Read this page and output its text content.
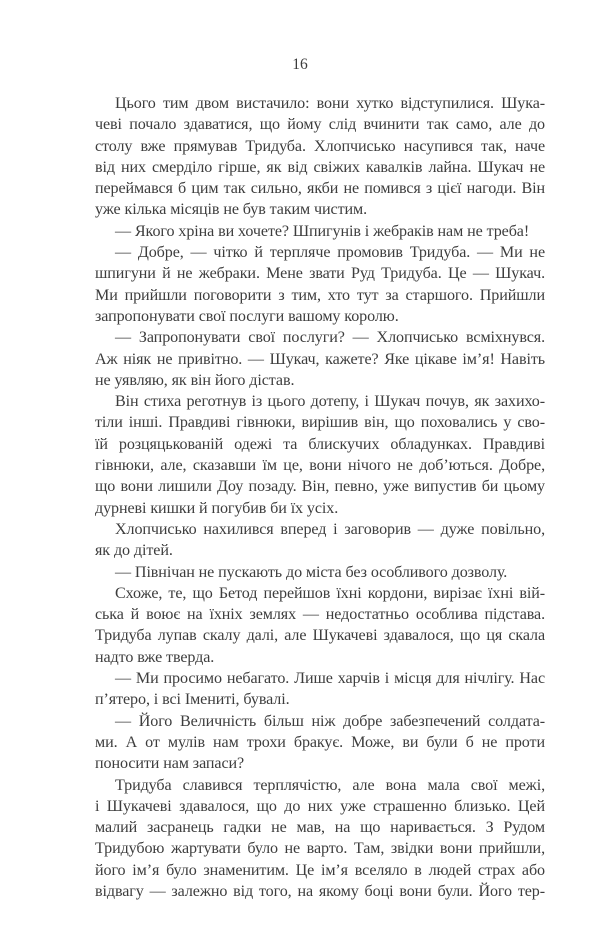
16
Цього тим двом вистачило: вони хутко відступилися. Шука-
чеві почало здаватися, що йому слід вчинити так само, але до
столу вже прямував Тридуба. Хлопчисько насупився так, наче
від них смерділо гірше, як від свіжих кавалків лайна. Шукач не
переймався б цим так сильно, якби не помився з цієї нагоди. Він
уже кілька місяців не був таким чистим.
— Якого хріна ви хочете? Шпигунів і жебраків нам не треба!
— Добре, — чітко й терпляче промовив Тридуба. — Ми не
шпигуни й не жебраки. Мене звати Руд Тридуба. Це — Шукач.
Ми прийшли поговорити з тим, хто тут за старшого. Прийшли
запропонувати свої послуги вашому королю.
— Запропонувати свої послуги? — Хлопчисько всміхнувся.
Аж ніяк не привітно. — Шукач, кажете? Яке цікаве ім’я! Навіть
не уявляю, як він його дістав.
Він стиха реготнув із цього дотепу, і Шукач почув, як захихо-
тіли інші. Правдиві гівнюки, вирішив він, що поховались у сво-
їй розцяцькованій одежі та блискучих обладунках. Правдиві
гівнюки, але, сказавши їм це, вони нічого не доб’ються. Добре,
що вони лишили Доу позаду. Він, певно, уже випустив би цьому
дурневі кишки й погубив би їх усіх.
Хлопчисько нахилився вперед і заговорив — дуже повільно,
як до дітей.
— Північан не пускають до міста без особливого дозволу.
Схоже, те, що Бетод перейшов їхні кордони, вирізає їхні вій-
ська й воює на їхніх землях — недостатньо особлива підстава.
Тридуба лупав скалу далі, але Шукачеві здавалося, що ця скала
надто вже тверда.
— Ми просимо небагато. Лише харчів і місця для нічлігу. Нас
п’ятеро, і всі Імениті, бувалі.
— Його Величність більш ніж добре забезпечений солдата-
ми. А от мулів нам трохи бракує. Може, ви були б не проти
поносити нам запаси?
Тридуба славився терплячістю, але вона мала свої межі,
і Шукачеві здавалося, що до них уже страшенно близько. Цей
малий засранець гадки не мав, на що наривається. З Рудом
Тридубою жартувати було не варто. Там, звідки вони прийшли,
його ім’я було знаменитим. Це ім’я вселяло в людей страх або
відвагу — залежно від того, на якому боці вони були. Його тер-
